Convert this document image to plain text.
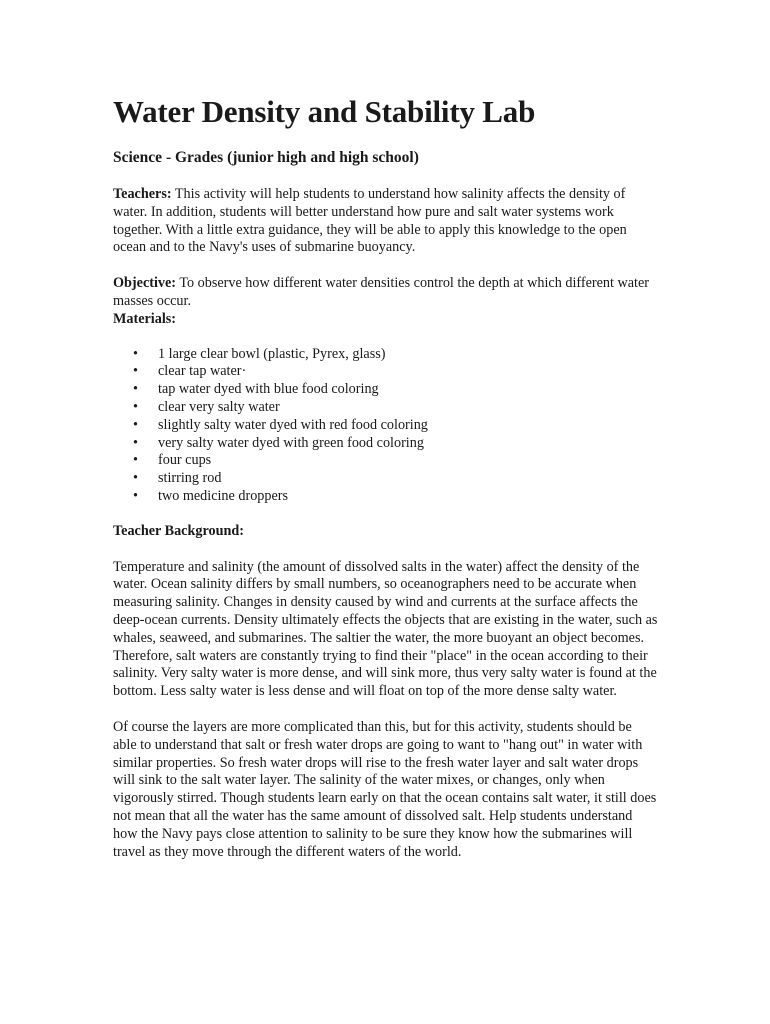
Water Density and Stability Lab
Science - Grades (junior high and high school)

Teachers: This activity will help students to understand how salinity affects the density of water. In addition, students will better understand how pure and salt water systems work together. With a little extra guidance, they will be able to apply this knowledge to the open ocean and to the Navy's uses of submarine buoyancy.

Objective: To observe how different water densities control the depth at which different water masses occur.

Materials:
• 1 large clear bowl (plastic, Pyrex, glass)
• clear tap water·
• tap water dyed with blue food coloring
• clear very salty water
• slightly salty water dyed with red food coloring
• very salty water dyed with green food coloring
• four cups
• stirring rod
• two medicine droppers
Teacher Background:

Temperature and salinity (the amount of dissolved salts in the water) affect the density of the water. Ocean salinity differs by small numbers, so oceanographers need to be accurate when measuring salinity. Changes in density caused by wind and currents at the surface affects the deep-ocean currents. Density ultimately effects the objects that are existing in the water, such as whales, seaweed, and submarines. The saltier the water, the more buoyant an object becomes. Therefore, salt waters are constantly trying to find their "place" in the ocean according to their salinity. Very salty water is more dense, and will sink more, thus very salty water is found at the bottom. Less salty water is less dense and will float on top of the more dense salty water.

Of course the layers are more complicated than this, but for this activity, students should be able to understand that salt or fresh water drops are going to want to "hang out" in water with similar properties. So fresh water drops will rise to the fresh water layer and salt water drops will sink to the salt water layer. The salinity of the water mixes, or changes, only when vigorously stirred. Though students learn early on that the ocean contains salt water, it still does not mean that all the water has the same amount of dissolved salt. Help students understand how the Navy pays close attention to salinity to be sure they know how the submarines will travel as they move through the different waters of the world.
